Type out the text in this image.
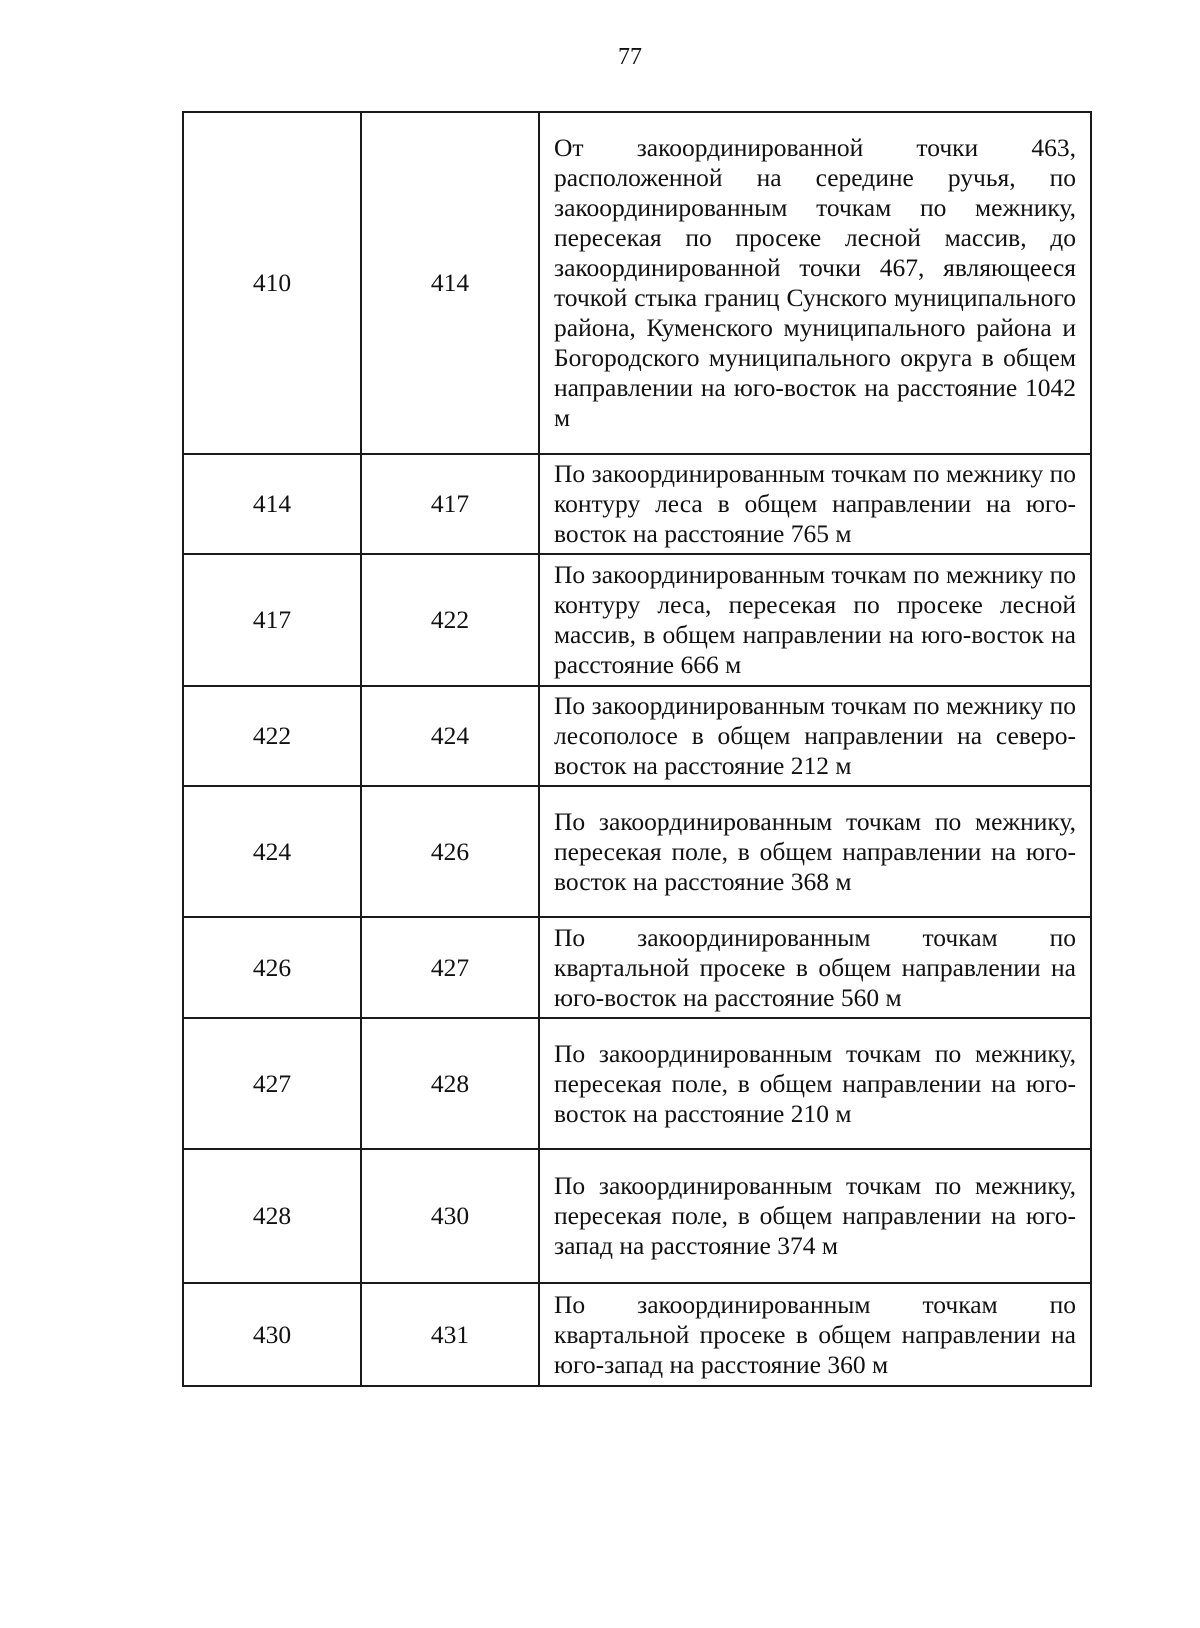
77
410	414	От закоординированной точки 463, расположенной на середине ручья, по закоординированным точкам по межнику, пересекая по просеке лесной массив, до закоординированной точки 467, являющееся точкой стыка границ Сунского муниципального района, Куменского муниципального района и Богородского муниципального округа в общем направлении на юго-восток на расстояние 1042 м
414	417	По закоординированным точкам по межнику по контуру леса в общем направлении на юго-восток на расстояние 765 м
417	422	По закоординированным точкам по межнику по контуру леса, пересекая по просеке лесной массив, в общем направлении на юго-восток на расстояние 666 м
422	424	По закоординированным точкам по межнику по лесополосе в общем направлении на северо-восток на расстояние 212 м
424	426	По закоординированным точкам по межнику, пересекая поле, в общем направлении на юго-восток на расстояние 368 м
426	427	По закоординированным точкам по квартальной просеке в общем направлении на юго-восток на расстояние 560 м
427	428	По закоординированным точкам по межнику, пересекая поле, в общем направлении на юго-восток на расстояние 210 м
428	430	По закоординированным точкам по межнику, пересекая поле, в общем направлении на юго-запад на расстояние 374 м
430	431	По закоординированным точкам по квартальной просеке в общем направлении на юго-запад на расстояние 360 м
